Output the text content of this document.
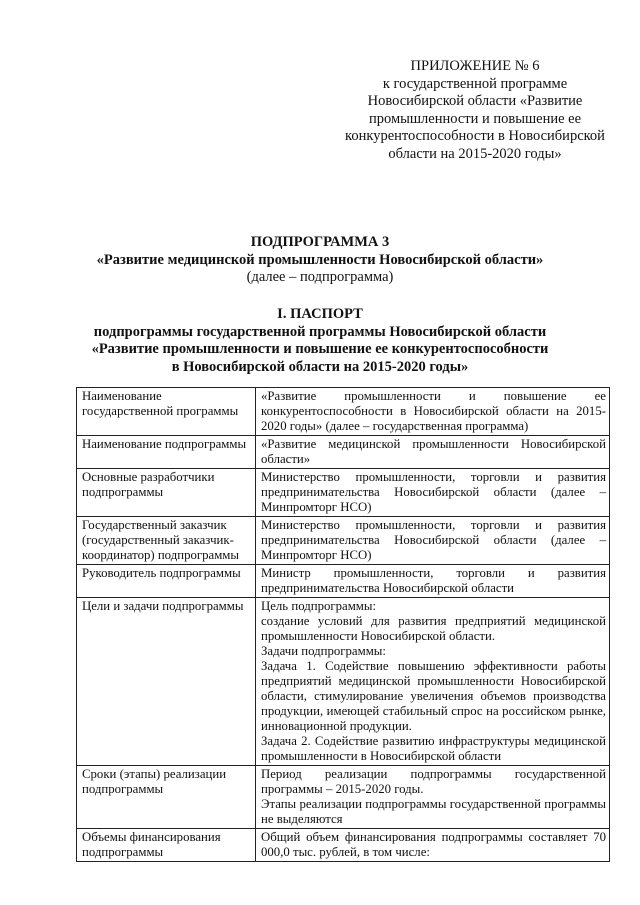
ПРИЛОЖЕНИЕ № 6
к государственной программе
Новосибирской области «Развитие
промышленности и повышение ее
конкурентоспособности в Новосибирской
области на 2015-2020 годы»
ПОДПРОГРАММА 3
«Развитие медицинской промышленности Новосибирской области»
(далее – подпрограмма)
I. ПАСПОРТ
подпрограммы государственной программы Новосибирской области
«Развитие промышленности и повышение ее конкурентоспособности
в Новосибирской области на 2015-2020 годы»
Наименование государственной программы	«Развитие промышленности и повышение ее конкурентоспособности в Новосибирской области на 2015-2020 годы» (далее – государственная программа)

Наименование подпрограммы	«Развитие медицинской промышленности Новосибирской области»

Основные разработчики подпрограммы	Министерство промышленности, торговли и развития предпринимательства Новосибирской области (далее – Минпромторг НСО)

Государственный заказчик (государственный заказчик-координатор) подпрограммы	Министерство промышленности, торговли и развития предпринимательства Новосибирской области (далее – Минпромторг НСО)

Руководитель подпрограммы	Министр промышленности, торговли и развития предпринимательства Новосибирской области

Цели и задачи подпрограммы	Цель подпрограммы:

создание условий для развития предприятий медицинской промышленности Новосибирской области.

Задачи подпрограммы:

Задача 1. Содействие повышению эффективности работы предприятий медицинской промышленности Новосибирской области, стимулирование увеличения объемов производства продукции, имеющей стабильный спрос на российском рынке, инновационной продукции.

Задача 2. Содействие развитию инфраструктуры медицинской промышленности в Новосибирской области

Сроки (этапы) реализации подпрограммы	Период реализации подпрограммы государственной программы – 2015-2020 годы.

Этапы реализации подпрограммы государственной программы не выделяются

Объемы финансирования подпрограммы	Общий объем финансирования подпрограммы составляет 70 000,0 тыс. рублей, в том числе:
